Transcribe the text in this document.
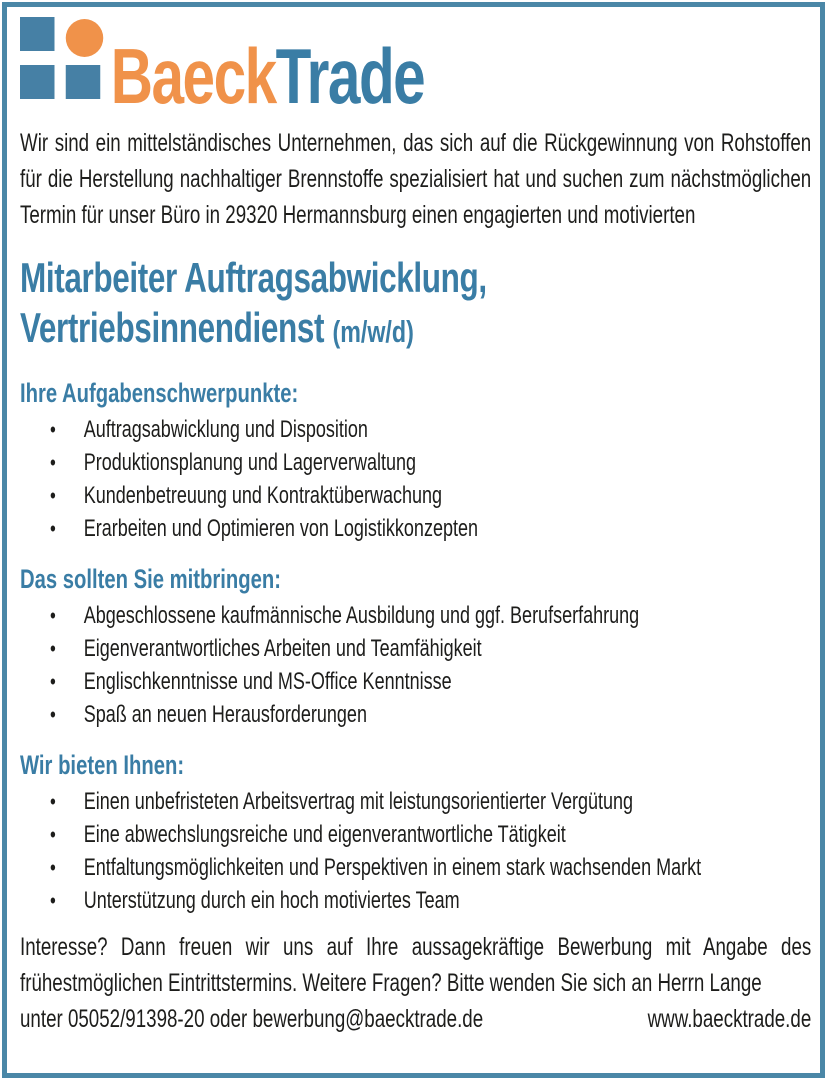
BaeckTrade

Wir sind ein mittelständisches Unternehmen, das sich auf die Rückgewinnung von Rohstoffen für die Herstellung nachhaltiger Brennstoffe spezialisiert hat und suchen zum nächstmöglichen Termin für unser Büro in 29320 Hermannsburg einen engagierten und motivierten

Mitarbeiter Auftragsabwicklung,
Vertriebsinnendienst (m/w/d)
Ihre Aufgabenschwerpunkte:
• Auftragsabwicklung und Disposition
• Produktionsplanung und Lagerverwaltung
• Kundenbetreuung und Kontraktüberwachung
• Erarbeiten und Optimieren von Logistikkonzepten
Das sollten Sie mitbringen:
• Abgeschlossene kaufmännische Ausbildung und ggf. Berufserfahrung
• Eigenverantwortliches Arbeiten und Teamfähigkeit
• Englischkenntnisse und MS-Office Kenntnisse
• Spaß an neuen Herausforderungen
Wir bieten Ihnen:
• Einen unbefristeten Arbeitsvertrag mit leistungsorientierter Vergütung
• Eine abwechslungsreiche und eigenverantwortliche Tätigkeit
• Entfaltungsmöglichkeiten und Perspektiven in einem stark wachsenden Markt
• Unterstützung durch ein hoch motiviertes Team

Interesse? Dann freuen wir uns auf Ihre aussagekräftige Bewerbung mit Angabe des frühestmöglichen Eintrittstermins. Weitere Fragen? Bitte wenden Sie sich an Herrn Lange

unter 05052/91398-20 oder bewerbung@baecktrade.de	www.baecktrade.de
